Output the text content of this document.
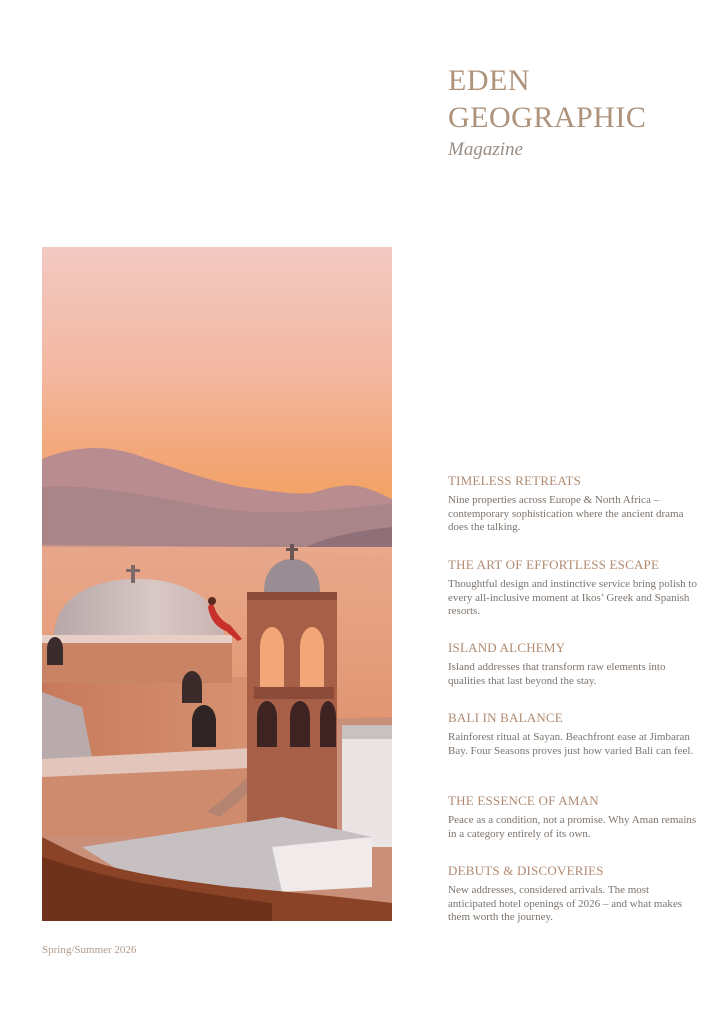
EDEN
GEOGRAPHIC
Magazine
TIMELESS RETREATS
Nine properties across Europe & North Africa – contemporary sophistication where the ancient drama does the talking.
THE ART OF EFFORTLESS ESCAPE
Thoughtful design and instinctive service bring polish to every all-inclusive moment at Ikos’ Greek and Spanish resorts.
ISLAND ALCHEMY
Island addresses that transform raw elements into qualities that last beyond the stay.
BALI IN BALANCE
Rainforest ritual at Sayan. Beachfront ease at Jimbaran Bay. Four Seasons proves just how varied Bali can feel.
THE ESSENCE OF AMAN
Peace as a condition, not a promise. Why Aman remains in a category entirely of its own.
DEBUTS & DISCOVERIES
New addresses, considered arrivals. The most anticipated hotel openings of 2026 – and what makes them worth the journey.
Spring/Summer 2026
